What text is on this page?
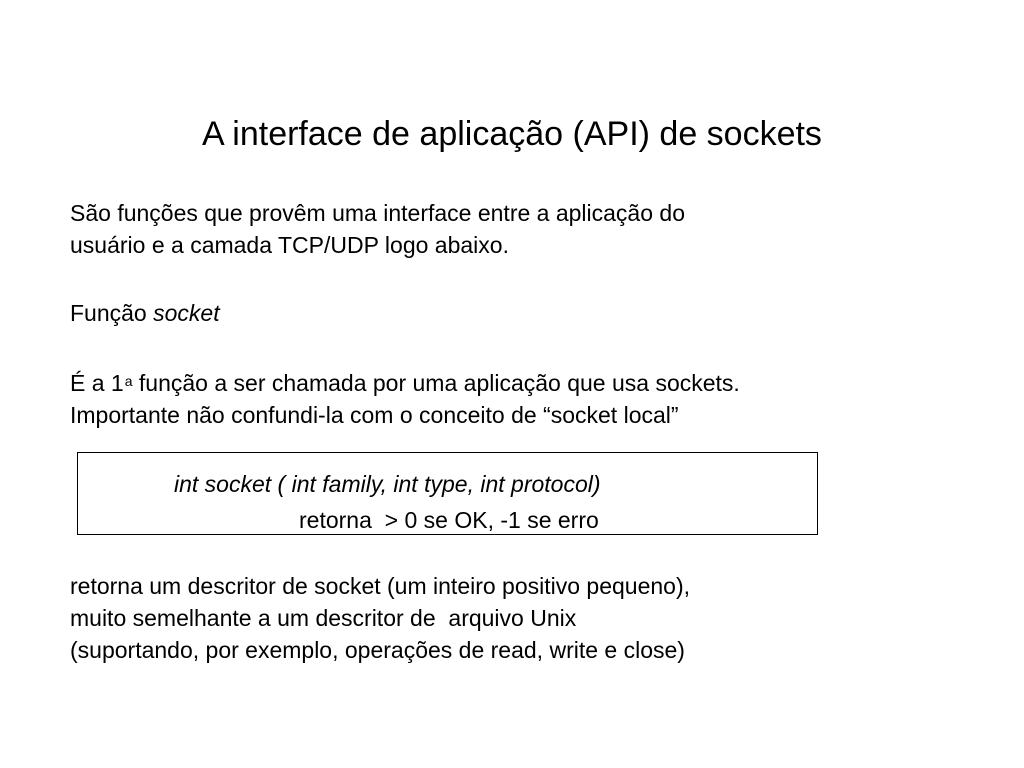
A interface de aplicação (API) de sockets
São funções que provêm uma interface entre a aplicação do
usuário e a camada TCP/UDP logo abaixo.
Função socket
É a 1$^a$ função a ser chamada por uma aplicação que usa sockets.
Importante não confundi-la com o conceito de “socket local”
int socket ( int family, int type, int protocol)
retorna  > 0 se OK, -1 se erro
retorna um descritor de socket (um inteiro positivo pequeno),
muito semelhante a um descritor de  arquivo Unix
(suportando, por exemplo, operações de read, write e close)
